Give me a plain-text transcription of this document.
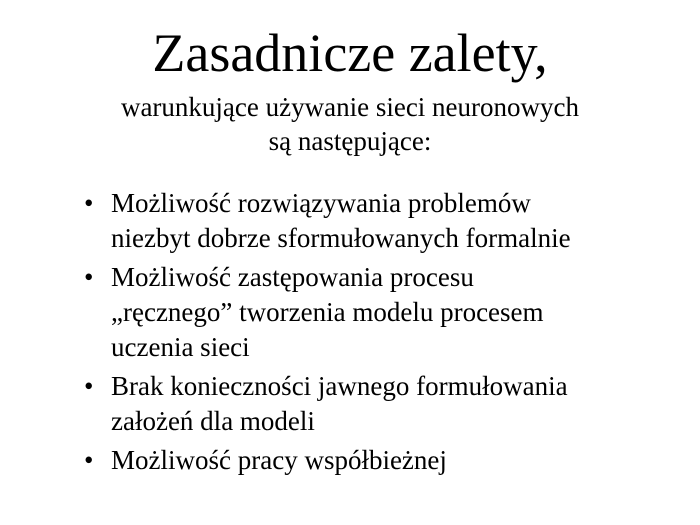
Zasadnicze zalety,
warunkujące używanie sieci neuronowych
są następujące:
• Możliwość rozwiązywania problemów
niezbyt dobrze sformułowanych formalnie
• Możliwość zastępowania procesu
„ręcznego” tworzenia modelu procesem
uczenia sieci
• Brak konieczności jawnego formułowania
założeń dla modeli
• Możliwość pracy współbieżnej
